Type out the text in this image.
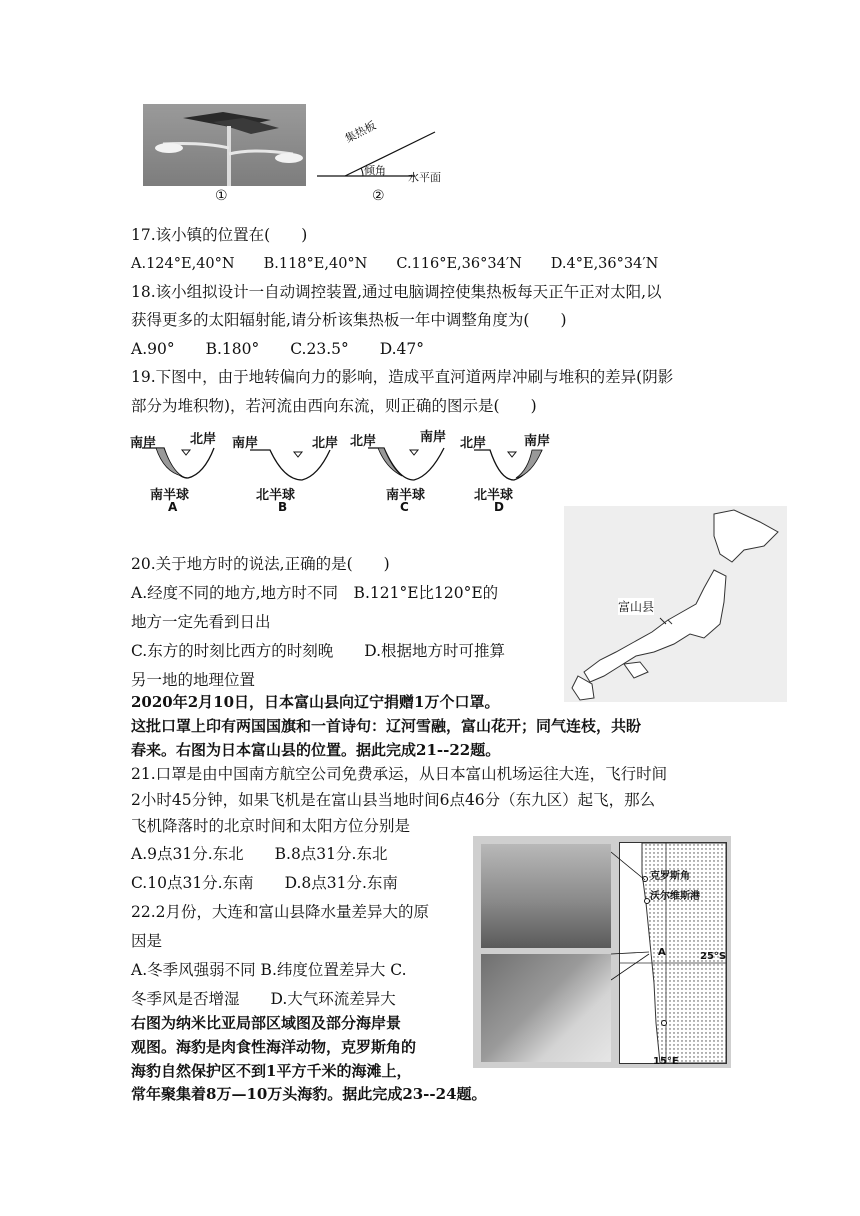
①
集热板
倾角
水平面
②
17.该小镇的位置在(　　)
A.124°E,40°N　　B.118°E,40°N　　C.116°E,36°34′N　　D.4°E,36°34′N
18.该小组拟设计一自动调控装置,通过电脑调控使集热板每天正午正对太阳,以
获得更多的太阳辐射能,请分析该集热板一年中调整角度为(　　)
A.90°　　B.180°　　C.23.5°　　D.47°
19.下图中，由于地转偏向力的影响，造成平直河道两岸冲刷与堆积的差异(阴影
部分为堆积物)，若河流由西向东流，则正确的图示是(　　)
南岸	北岸
南半球
A
南岸	北岸
北半球
B
北岸	南岸
南半球
C
北岸	南岸
北半球
D
富山县
20.关于地方时的说法,正确的是(　　)
A.经度不同的地方,地方时不同　B.121°E比120°E的
地方一定先看到日出
C.东方的时刻比西方的时刻晚　　D.根据地方时可推算
另一地的地理位置
2020年2月10日，日本富山县向辽宁捐赠1万个口罩。
这批口罩上印有两国国旗和一首诗句：辽河雪融，富山花开；同气连枝，共盼
春来。右图为日本富山县的位置。据此完成21--22题。
21.口罩是由中国南方航空公司免费承运，从日本富山机场运往大连，飞行时间
2小时45分钟，如果飞机是在富山县当地时间6点46分（东九区）起飞，那么
飞机降落时的北京时间和太阳方位分别是
A.9点31分.东北　　B.8点31分.东北
C.10点31分.东南　　D.8点31分.东南	克罗斯角
沃尔维斯港
25°S
A
15°E
22.2月份，大连和富山县降水量差异大的原
因是
A.冬季风强弱不同 B.纬度位置差异大 C.
冬季风是否增湿　　D.大气环流差异大
右图为纳米比亚局部区域图及部分海岸景
观图。海豹是肉食性海洋动物，克罗斯角的
海豹自然保护区不到1平方千米的海滩上，
常年聚集着8万—10万头海豹。据此完成23--24题。
